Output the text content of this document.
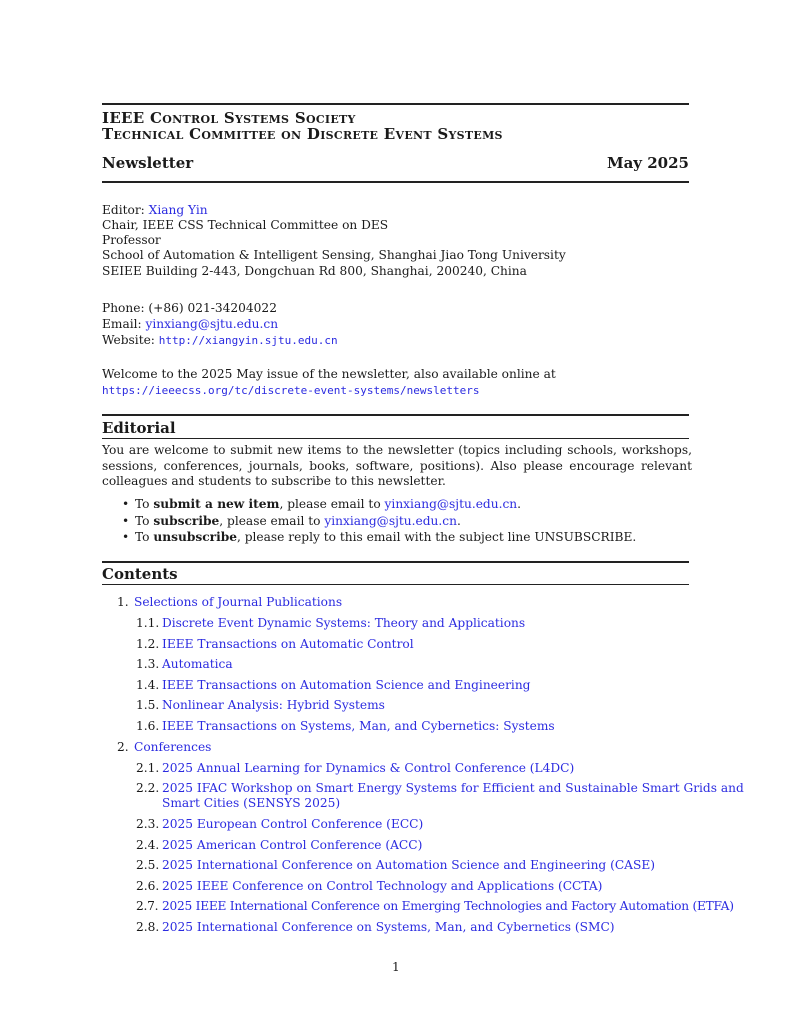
IEEE Control Systems Society
Technical Committee on Discrete Event Systems
Newsletter	May 2025
Editor: Xiang Yin
Chair, IEEE CSS Technical Committee on DES
Professor
School of Automation & Intelligent Sensing, Shanghai Jiao Tong University
SEIEE Building 2-443, Dongchuan Rd 800, Shanghai, 200240, China
Phone: (+86) 021-34204022
Email: yinxiang@sjtu.edu.cn
Website: http://xiangyin.sjtu.edu.cn
Welcome to the 2025 May issue of the newsletter, also available online at
https://ieeecss.org/tc/discrete-event-systems/newsletters
Editorial
You are welcome to submit new items to the newsletter (topics including schools, workshops, sessions, conferences, journals, books, software, positions). Also please encourage relevant colleagues and students to subscribe to this newsletter.
• To submit a new item, please email to yinxiang@sjtu.edu.cn.
• To subscribe, please email to yinxiang@sjtu.edu.cn.
• To unsubscribe, please reply to this email with the subject line UNSUBSCRIBE.
Contents
1. Selections of Journal Publications
1.1. Discrete Event Dynamic Systems: Theory and Applications
1.2. IEEE Transactions on Automatic Control
1.3. Automatica
1.4. IEEE Transactions on Automation Science and Engineering
1.5. Nonlinear Analysis: Hybrid Systems
1.6. IEEE Transactions on Systems, Man, and Cybernetics: Systems
2. Conferences
2.1. 2025 Annual Learning for Dynamics & Control Conference (L4DC)
2.2. 2025 IFAC Workshop on Smart Energy Systems for Efficient and Sustainable Smart Grids and
Smart Cities (SENSYS 2025)
2.3. 2025 European Control Conference (ECC)
2.4. 2025 American Control Conference (ACC)
2.5. 2025 International Conference on Automation Science and Engineering (CASE)
2.6. 2025 IEEE Conference on Control Technology and Applications (CCTA)
2.7. 2025 IEEE International Conference on Emerging Technologies and Factory Automation (ETFA)
2.8. 2025 International Conference on Systems, Man, and Cybernetics (SMC)
1
